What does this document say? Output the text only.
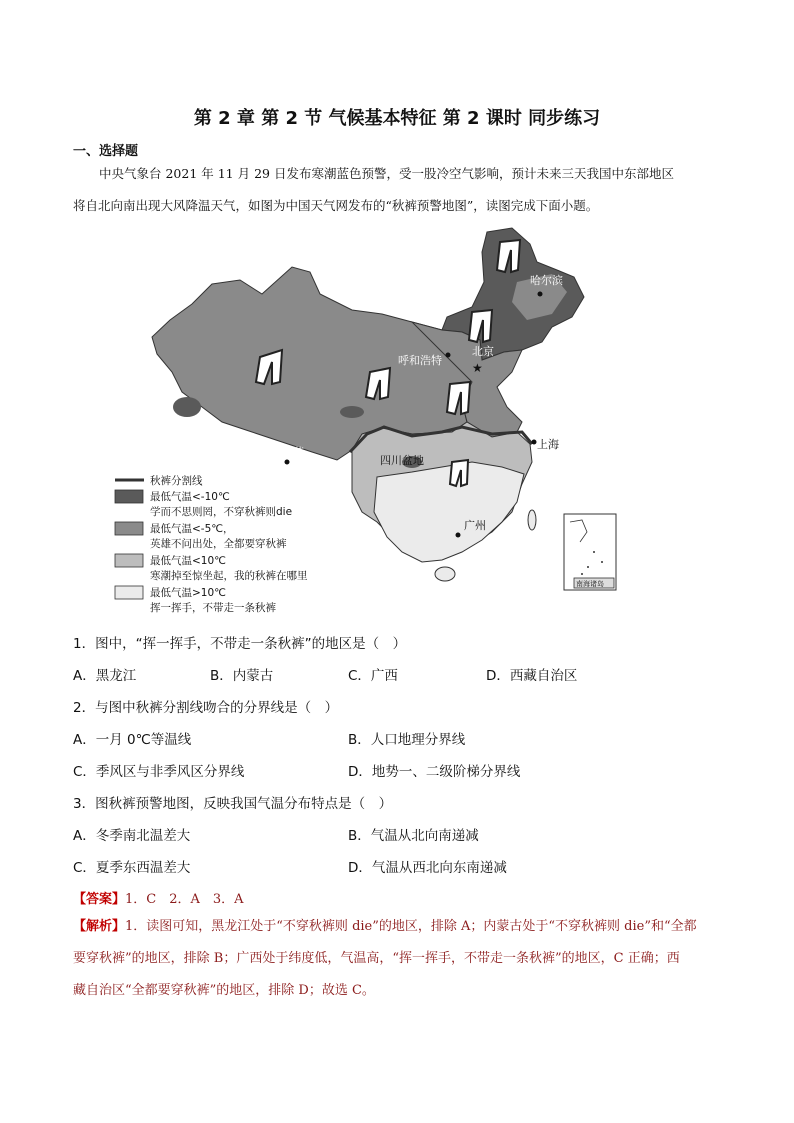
第 2 章 第 2 节 气候基本特征 第 2 课时 同步练习
一、选择题

中央气象台 2021 年 11 月 29 日发布寒潮蓝色预警，受一股冷空气影响，预计未来三天我国中东部地区

将自北向南出现大风降温天气，如图为中国天气网发布的“秋裤预警地图”，读图完成下面小题。

★
哈尔滨
呼和浩特
北京
拉萨
上海
四川盆地
广州
南海诸岛
秋裤分割线
最低气温<-10℃
学而不思则罔，不穿秋裤则die
最低气温<-5℃，
英雄不问出处，全都要穿秋裤
最低气温<10℃
寒潮掉至惊坐起，我的秋裤在哪里
最低气温>10℃
挥一挥手，不带走一条秋裤
1．图中，“挥一挥手，不带走一条秋裤”的地区是（　）
A．黑龙江	B．内蒙古	C．广西	D．西藏自治区
2．与图中秋裤分割线吻合的分界线是（　）
A．一月 0℃等温线	B．人口地理分界线
C．季风区与非季风区分界线	D．地势一、二级阶梯分界线
3．图秋裤预警地图，反映我国气温分布特点是（　）
A．冬季南北温差大	B．气温从北向南递减
C．夏季东西温差大	D．气温从西北向东南递减
【答案】1．C　2．A　3．A
【解析】1．读图可知，黑龙江处于“不穿秋裤则 die”的地区，排除 A；内蒙古处于“不穿秋裤则 die”和“全都
要穿秋裤”的地区，排除 B；广西处于纬度低，气温高，“挥一挥手，不带走一条秋裤”的地区，C 正确；西
藏自治区“全都要穿秋裤”的地区，排除 D；故选 C。
